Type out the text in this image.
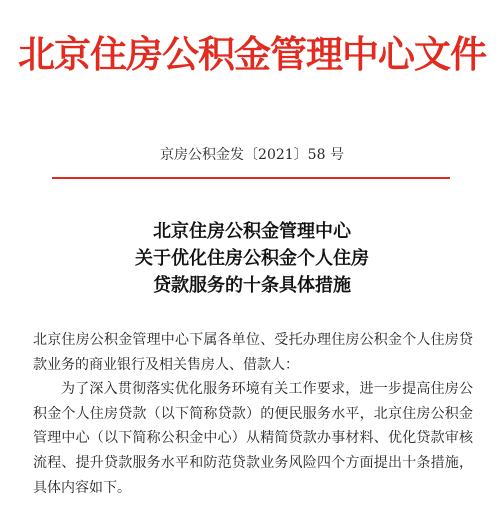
北京住房公积金管理中心文件
京房公积金发〔2021〕58 号
北京住房公积金管理中心
关于优化住房公积金个人住房
贷款服务的十条具体措施

北京住房公积金管理中心下属各单位、受托办理住房公积金个人住房贷款业务的商业银行及相关售房人、借款人：

为了深入贯彻落实优化服务环境有关工作要求，进一步提高住房公积金个人住房贷款（以下简称贷款）的便民服务水平，北京住房公积金管理中心（以下简称公积金中心）从精简贷款办事材料、优化贷款审核流程、提升贷款服务水平和防范贷款业务风险四个方面提出十条措施，具体内容如下。
